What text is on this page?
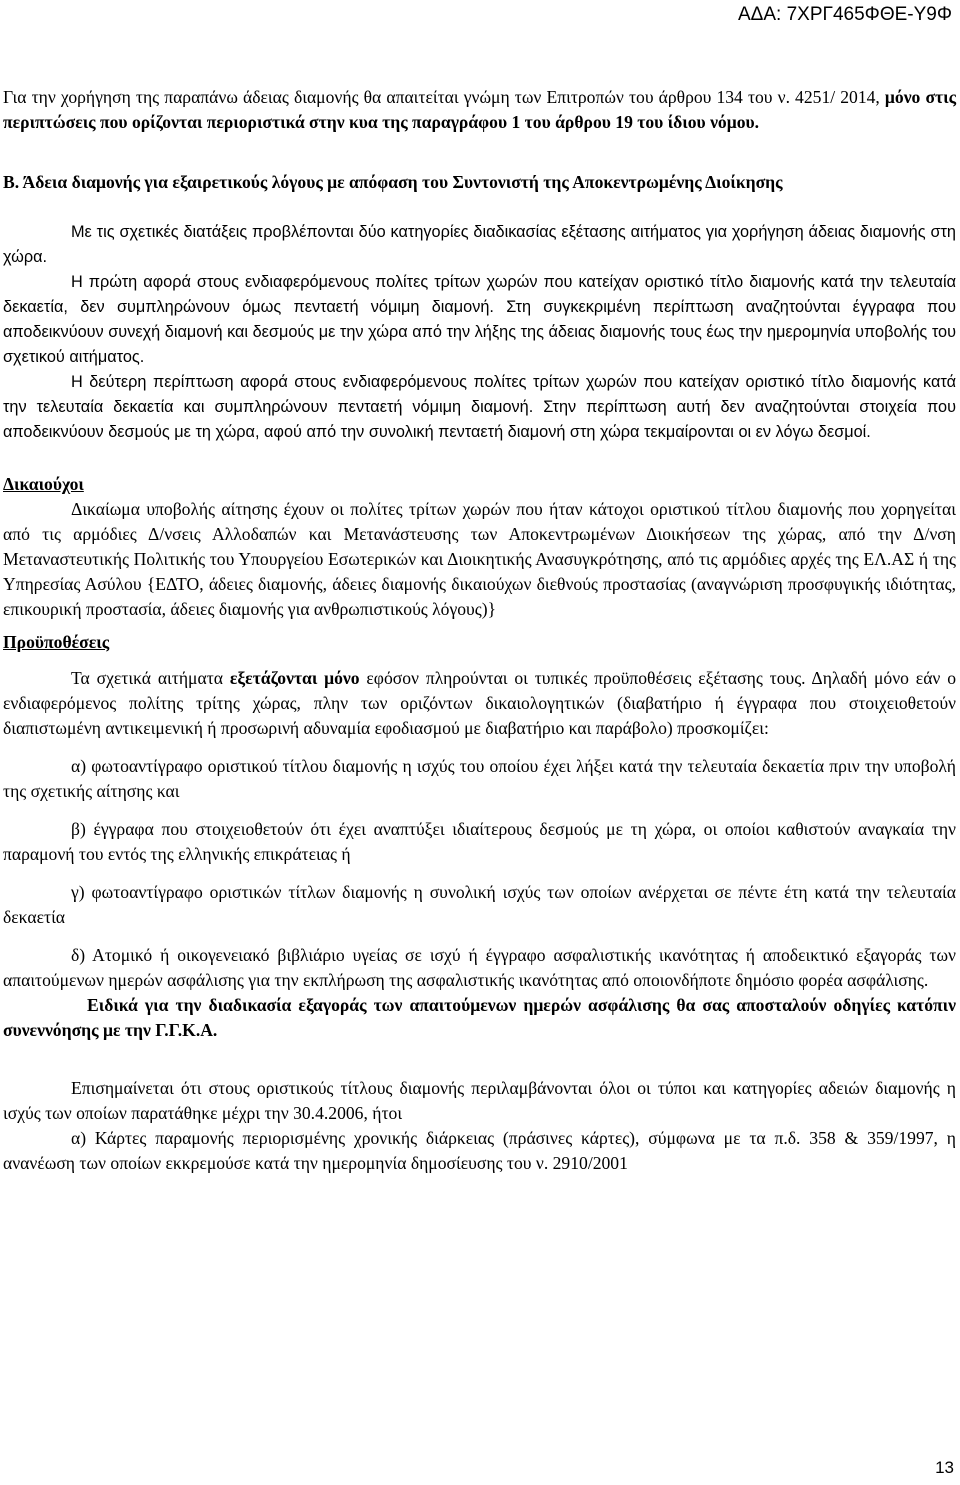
ΑΔΑ: 7ΧΡΓ465ΦΘΕ-Υ9Φ

Για την χορήγηση της παραπάνω άδειας διαμονής θα απαιτείται γνώμη των Επιτροπών του άρθρου 134 του ν. 4251/ 2014, μόνο στις περιπτώσεις που ορίζονται περιοριστικά στην κυα της παραγράφου 1 του άρθρου 19 του ίδιου νόμου.

Β. Άδεια διαμονής για εξαιρετικούς λόγους με απόφαση του Συντονιστή της Αποκεντρωμένης Διοίκησης

Με τις σχετικές διατάξεις προβλέπονται δύο κατηγορίες διαδικασίας εξέτασης αιτήματος για χορήγηση άδειας διαμονής στη χώρα.

Η πρώτη αφορά στους ενδιαφερόμενους πολίτες τρίτων χωρών που κατείχαν οριστικό τίτλο διαμονής κατά την τελευταία δεκαετία, δεν συμπληρώνουν όμως πενταετή νόμιμη διαμονή. Στη συγκεκριμένη περίπτωση αναζητούνται έγγραφα που αποδεικνύουν συνεχή διαμονή και δεσμούς με την χώρα από την λήξης της άδειας διαμονής τους έως την ημερομηνία υποβολής του σχετικού αιτήματος.

Η δεύτερη περίπτωση αφορά στους ενδιαφερόμενους πολίτες τρίτων χωρών που κατείχαν οριστικό τίτλο διαμονής κατά την τελευταία δεκαετία και συμπληρώνουν πενταετή νόμιμη διαμονή. Στην περίπτωση αυτή δεν αναζητούνται στοιχεία που αποδεικνύουν δεσμούς με τη χώρα, αφού από την συνολική πενταετή διαμονή στη χώρα τεκμαίρονται οι εν λόγω δεσμοί.

Δικαιούχοι

Δικαίωμα υποβολής αίτησης έχουν οι πολίτες τρίτων χωρών που ήταν κάτοχοι οριστικού τίτλου διαμονής που χορηγείται από τις αρμόδιες Δ/νσεις Αλλοδαπών και Μετανάστευσης των Αποκεντρωμένων Διοικήσεων της χώρας, από την Δ/νση Μεταναστευτικής Πολιτικής του Υπουργείου Εσωτερικών και Διοικητικής Ανασυγκρότησης, από τις αρμόδιες αρχές της ΕΛ.ΑΣ ή της Υπηρεσίας Ασύλου {ΕΔΤΟ, άδειες διαμονής, άδειες διαμονής δικαιούχων διεθνούς προστασίας (αναγνώριση προσφυγικής ιδιότητας, επικουρική προστασία, άδειες διαμονής για ανθρωπιστικούς λόγους)}

Προϋποθέσεις

Τα σχετικά αιτήματα εξετάζονται μόνο εφόσον πληρούνται οι τυπικές προϋποθέσεις εξέτασης τους. Δηλαδή μόνο εάν ο ενδιαφερόμενος πολίτης τρίτης χώρας, πλην των οριζόντων δικαιολογητικών (διαβατήριο ή έγγραφα που στοιχειοθετούν διαπιστωμένη αντικειμενική ή προσωρινή αδυναμία εφοδιασμού με διαβατήριο και παράβολο) προσκομίζει:

α) φωτοαντίγραφο οριστικού τίτλου διαμονής η ισχύς του οποίου έχει λήξει κατά την τελευταία δεκαετία πριν την υποβολή της σχετικής αίτησης και

β) έγγραφα που στοιχειοθετούν ότι έχει αναπτύξει ιδιαίτερους δεσμούς με τη χώρα, οι οποίοι καθιστούν αναγκαία την παραμονή του εντός της ελληνικής επικράτειας ή

γ) φωτοαντίγραφο οριστικών τίτλων διαμονής η συνολική ισχύς των οποίων ανέρχεται σε πέντε έτη κατά την τελευταία δεκαετία

δ) Ατομικό ή οικογενειακό βιβλιάριο υγείας σε ισχύ ή έγγραφο ασφαλιστικής ικανότητας ή αποδεικτικό εξαγοράς των απαιτούμενων ημερών ασφάλισης για την εκπλήρωση της ασφαλιστικής ικανότητας από οποιονδήποτε δημόσιο φορέα ασφάλισης.

Ειδικά για την διαδικασία εξαγοράς των απαιτούμενων ημερών ασφάλισης θα σας αποσταλούν οδηγίες κατόπιν συνεννόησης με την Γ.Γ.Κ.Α.

Επισημαίνεται ότι στους οριστικούς τίτλους διαμονής περιλαμβάνονται όλοι οι τύποι και κατηγορίες αδειών διαμονής η ισχύς των οποίων παρατάθηκε μέχρι την 30.4.2006, ήτοι

α) Κάρτες παραμονής περιορισμένης χρονικής διάρκειας (πράσινες κάρτες), σύμφωνα με τα π.δ. 358 & 359/1997, η ανανέωση των οποίων εκκρεμούσε κατά την ημερομηνία δημοσίευσης του ν. 2910/2001

13
